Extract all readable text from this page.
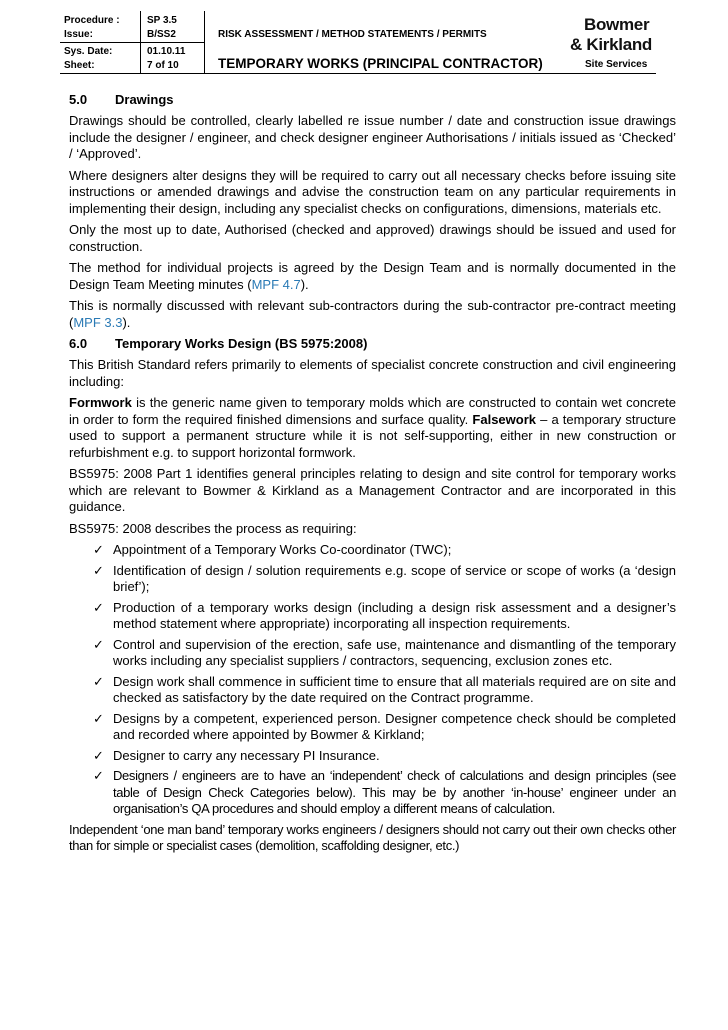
Procedure :	SP 3.5
Issue:	B/SS2
Sys. Date:	01.10.11
Sheet:	7 of 10
RISK ASSESSMENT / METHOD STATEMENTS / PERMITS
TEMPORARY WORKS (PRINCIPAL CONTRACTOR)
Bowmer
& Kirkland
Site Services
5.0 Drawings

Drawings should be controlled, clearly labelled re issue number / date and construction issue drawings include the designer / engineer, and check designer engineer Authorisations / initials issued as ‘Checked’ / ‘Approved’.

Where designers alter designs they will be required to carry out all necessary checks before issuing site instructions or amended drawings and advise the construction team on any particular requirements in implementing their design, including any specialist checks on configurations, dimensions, materials etc.

Only the most up to date, Authorised (checked and approved) drawings should be issued and used for construction.

The method for individual projects is agreed by the Design Team and is normally documented in the Design Team Meeting minutes (MPF 4.7).

This is normally discussed with relevant sub-contractors during the sub-contractor pre-contract meeting (MPF 3.3).

6.0 Temporary Works Design (BS 5975:2008)

This British Standard refers primarily to elements of specialist concrete construction and civil engineering including:

Formwork is the generic name given to temporary molds which are constructed to contain wet concrete in order to form the required finished dimensions and surface quality. Falsework – a temporary structure used to support a permanent structure while it is not self-supporting, either in new construction or refurbishment e.g. to support horizontal formwork.

BS5975: 2008 Part 1 identifies general principles relating to design and site control for temporary works which are relevant to Bowmer & Kirkland as a Management Contractor and are incorporated in this guidance.

BS5975: 2008 describes the process as requiring:

✓ Appointment of a Temporary Works Co-coordinator (TWC);
✓ Identification of design / solution requirements e.g. scope of service or scope of works (a ‘design brief’);
✓ Production of a temporary works design (including a design risk assessment and a designer’s method statement where appropriate) incorporating all inspection requirements.
✓ Control and supervision of the erection, safe use, maintenance and dismantling of the temporary works including any specialist suppliers / contractors, sequencing, exclusion zones etc.
✓ Design work shall commence in sufficient time to ensure that all materials required are on site and checked as satisfactory by the date required on the Contract programme.
✓ Designs by a competent, experienced person. Designer competence check should be completed and recorded where appointed by Bowmer & Kirkland;
✓ Designer to carry any necessary PI Insurance.
✓ Designers / engineers are to have an ‘independent’ check of calculations and design principles (see table of Design Check Categories below). This may be by another ‘in-house’ engineer under an organisation’s QA procedures and should employ a different means of calculation.

Independent ‘one man band’ temporary works engineers / designers should not carry out their own checks other than for simple or specialist cases (demolition, scaffolding designer, etc.)
